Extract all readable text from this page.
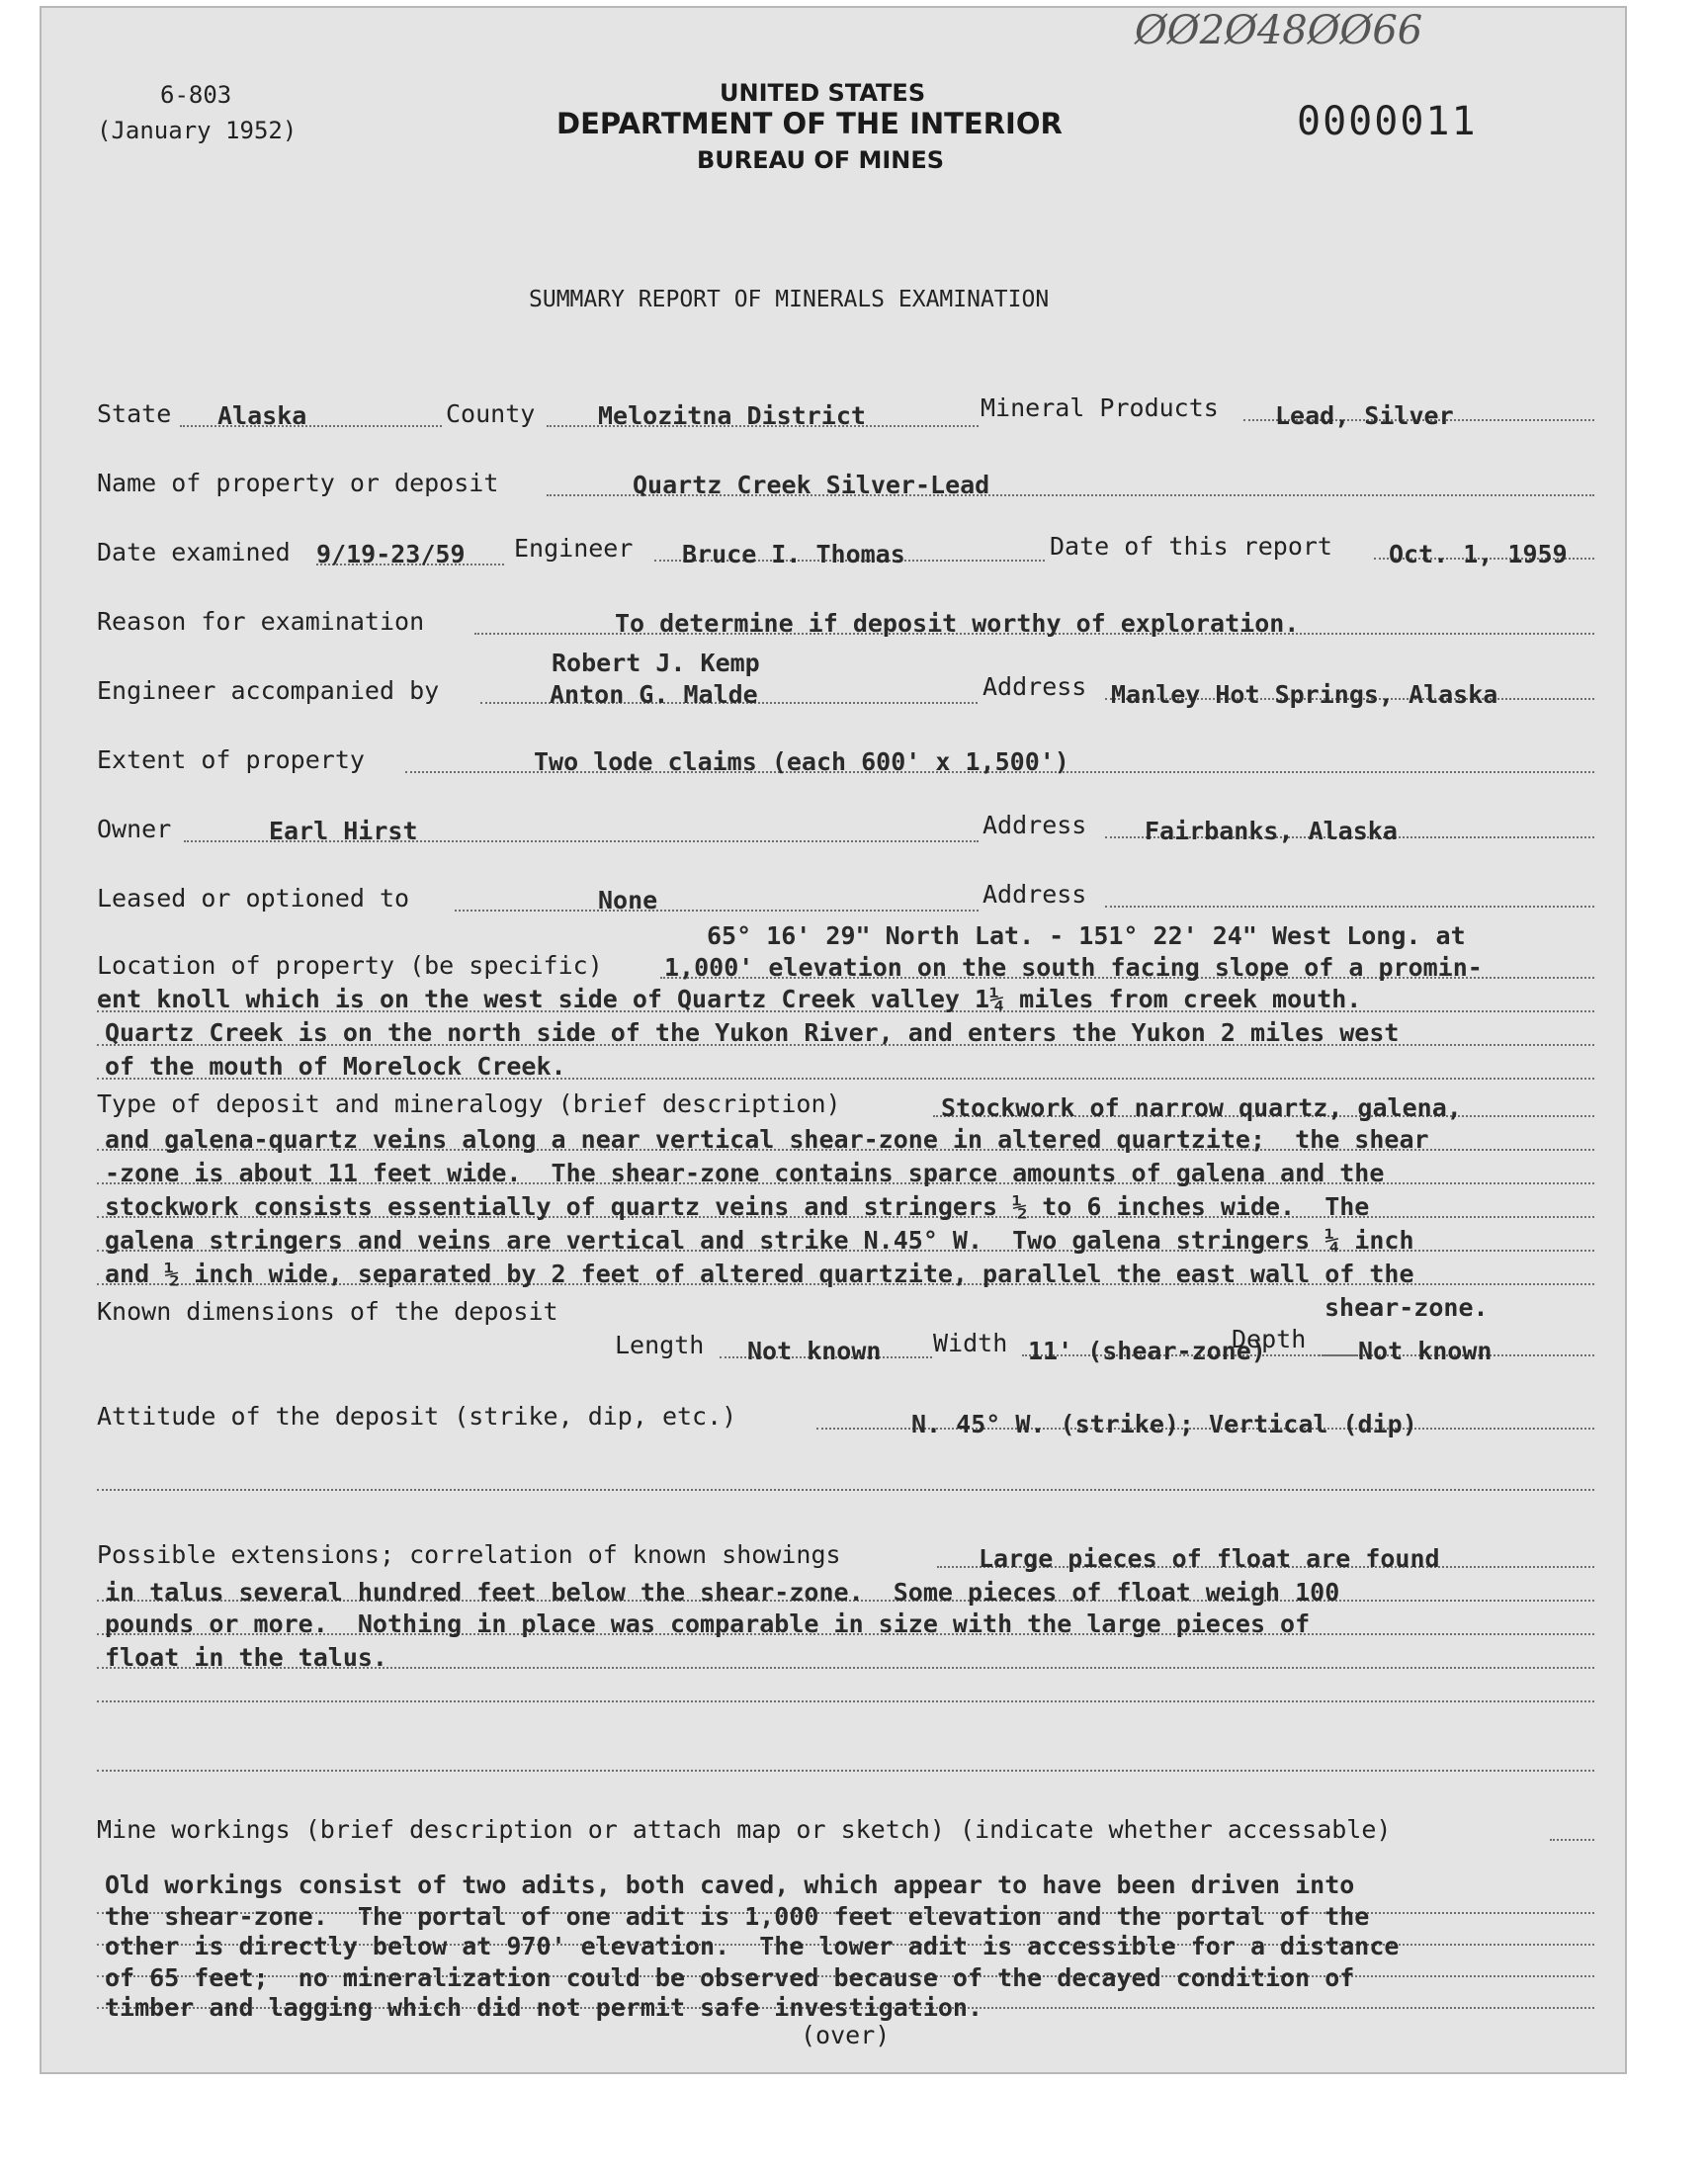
ØØ2Ø48ØØ66
6-803
(January 1952)
UNITED STATES
DEPARTMENT OF THE INTERIOR
BUREAU OF MINES
0000011
SUMMARY REPORT OF MINERALS EXAMINATION
State Alaska	County	Melozitna District	Mineral Products Lead, Silver
Name of property or deposit	Quartz Creek Silver-Lead
Date examined 9/19-23/59 Engineer Bruce I. Thomas	Date of this report Oct. 1, 1959
Reason for examination	To determine if deposit worthy of exploration.
Robert J. Kemp
Engineer accompanied by	Anton G. Malde	Address Manley Hot Springs, Alaska
Extent of property	Two lode claims (each 600' x 1,500')
Owner	Earl Hirst	Address Fairbanks, Alaska
Leased or optioned to	None	Address
65° 16' 29" North Lat. - 151° 22' 24" West Long. at
Location of property (be specific) 1,000' elevation on the south facing slope of a promin-
ent knoll which is on the west side of Quartz Creek valley 1¼ miles from creek mouth.
Quartz Creek is on the north side of the Yukon River, and enters the Yukon 2 miles west
of the mouth of Morelock Creek.
Type of deposit and mineralogy (brief description)	Stockwork of narrow quartz, galena,
and galena-quartz veins along a near vertical shear-zone in altered quartzite;  the shear
-zone is about 11 feet wide.  The shear-zone contains sparce amounts of galena and the
stockwork consists essentially of quartz veins and stringers ½ to 6 inches wide.  The
galena stringers and veins are vertical and strike N.45° W.  Two galena stringers ¼ inch
and ½ inch wide, separated by 2 feet of altered quartzite, parallel the east wall of the
Known dimensions of the deposit	shear-zone.
Length Not known Width 11' (shear-zone)
Depth Not known
Attitude of the deposit (strike, dip, etc.)	N. 45° W. (strike); Vertical (dip)
Possible extensions; correlation of known showings	Large pieces of float are found
in talus several hundred feet below the shear-zone.  Some pieces of float weigh 100
pounds or more.  Nothing in place was comparable in size with the large pieces of
float in the talus.
Mine workings (brief description or attach map or sketch) (indicate whether accessable)
Old workings consist of two adits, both caved, which appear to have been driven into
the shear-zone.  The portal of one adit is 1,000 feet elevation and the portal of the
other is directly below at 970' elevation.  The lower adit is accessible for a distance
of 65 feet;  no mineralization could be observed because of the decayed condition of
timber and lagging which did not permit safe investigation.
(over)
